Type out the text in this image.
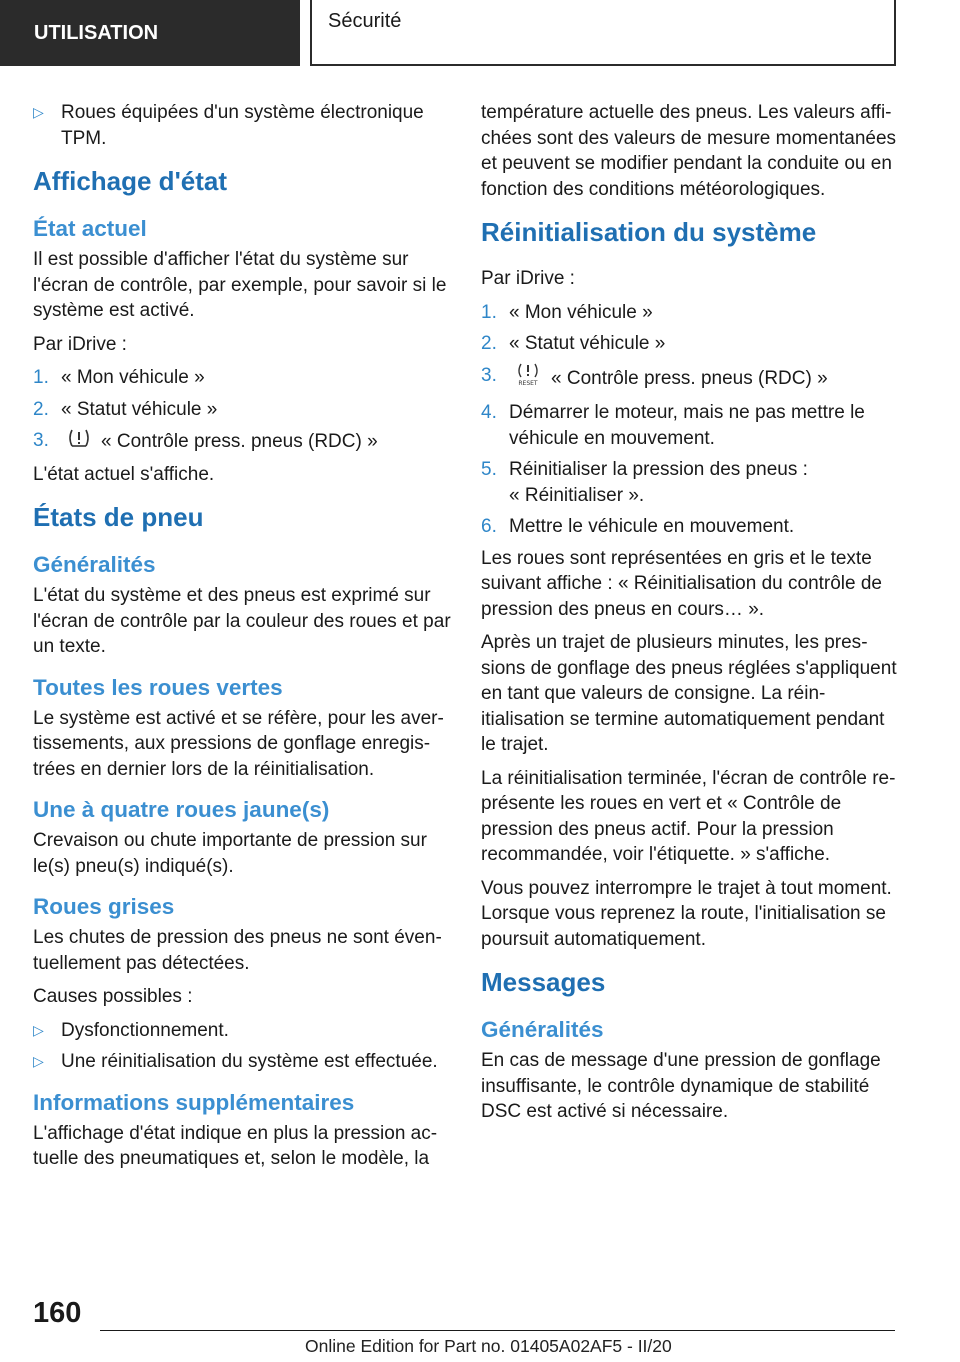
UTILISATION
Sécurité
▷ Roues équipées d'un système électronique TPM.
Affichage d'état
État actuel

Il est possible d'afficher l'état du système sur l'écran de contrôle, par exemple, pour savoir si le système est activé.

Par iDrive :

1. « Mon véhicule »
2. « Statut véhicule »
3.	« Contrôle press. pneus (RDC) »

L'état actuel s'affiche.

États de pneu
Généralités

L'état du système et des pneus est exprimé sur l'écran de contrôle par la couleur des roues et par un texte.

Toutes les roues vertes

Le système est activé et se réfère, pour les avertissements, aux pressions de gonflage enregistrées en dernier lors de la réinitialisation.

Une à quatre roues jaune(s)

Crevaison ou chute importante de pression sur le(s) pneu(s) indiqué(s).

Roues grises

Les chutes de pression des pneus ne sont éventuellement pas détectées.

Causes possibles :

▷ Dysfonctionnement.
▷ Une réinitialisation du système est effectuée.
Informations supplémentaires

L'affichage d'état indique en plus la pression actuelle des pneumatiques et, selon le modèle, la

température actuelle des pneus. Les valeurs affichées sont des valeurs de mesure momentanées et peuvent se modifier pendant la conduite ou en fonction des conditions météorologiques.

Réinitialisation du système

Par iDrive :

1. « Mon véhicule »
2. « Statut véhicule »
3.	RESET « Contrôle press. pneus (RDC) »
4. Démarrer le moteur, mais ne pas mettre le véhicule en mouvement.
5. Réinitialiser la pression des pneus :
« Réinitialiser ».
6. Mettre le véhicule en mouvement.

Les roues sont représentées en gris et le texte suivant affiche : « Réinitialisation du contrôle de pression des pneus en cours… ».

Après un trajet de plusieurs minutes, les pressions de gonflage des pneus réglées s'appliquent en tant que valeurs de consigne. La réinitialisation se termine automatiquement pendant le trajet.

La réinitialisation terminée, l'écran de contrôle représente les roues en vert et « Contrôle de pression des pneus actif. Pour la pression recommandée, voir l'étiquette. » s'affiche.

Vous pouvez interrompre le trajet à tout moment. Lorsque vous reprenez la route, l'initialisation se poursuit automatiquement.

Messages
Généralités

En cas de message d'une pression de gonflage insuffisante, le contrôle dynamique de stabilité DSC est activé si nécessaire.

160
Online Edition for Part no. 01405A02AF5 - II/20
